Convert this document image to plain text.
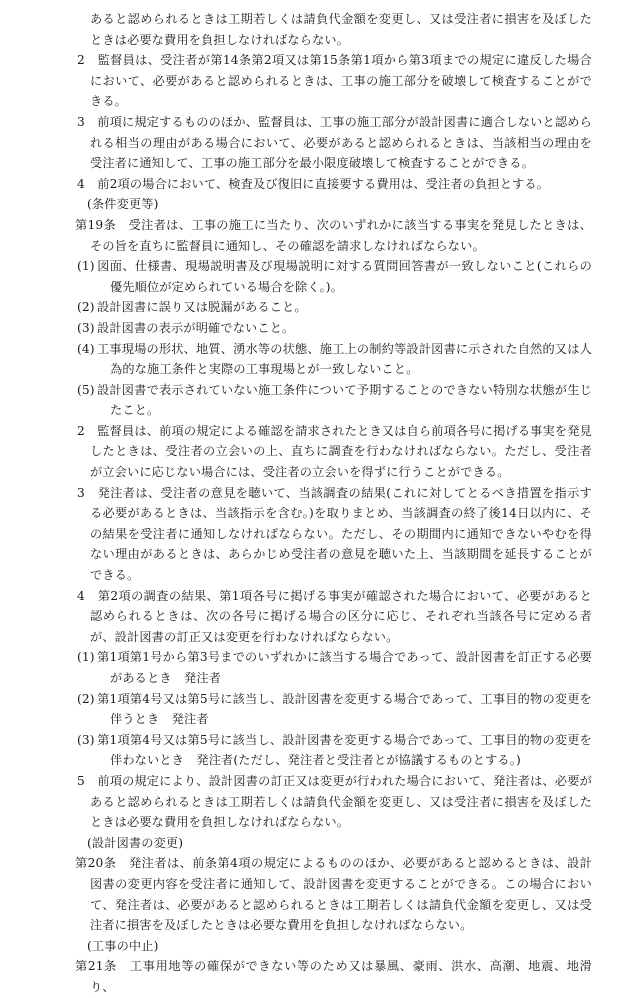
あると認められるときは工期若しくは請負代金額を変更し、又は受注者に損害を及ぼしたときは必要な費用を負担しなければならない。
2　監督員は、受注者が第14条第2項又は第15条第1項から第3項までの規定に違反した場合において、必要があると認められるときは、工事の施工部分を破壊して検査することができる。
3　前項に規定するもののほか、監督員は、工事の施工部分が設計図書に適合しないと認められる相当の理由がある場合において、必要があると認められるときは、当該相当の理由を受注者に通知して、工事の施工部分を最小限度破壊して検査することができる。
4　前2項の場合において、検査及び復旧に直接要する費用は、受注者の負担とする。
(条件変更等)
第19条　受注者は、工事の施工に当たり、次のいずれかに該当する事実を発見したときは、その旨を直ちに監督員に通知し、その確認を請求しなければならない。
(1) 図面、仕様書、現場説明書及び現場説明に対する質問回答書が一致しないこと(これらの優先順位が定められている場合を除く。)。
(2) 設計図書に誤り又は脱漏があること。
(3) 設計図書の表示が明確でないこと。
(4) 工事現場の形状、地質、湧水等の状態、施工上の制約等設計図書に示された自然的又は人為的な施工条件と実際の工事現場とが一致しないこと。
(5) 設計図書で表示されていない施工条件について予期することのできない特別な状態が生じたこと。
2　監督員は、前項の規定による確認を請求されたとき又は自ら前項各号に掲げる事実を発見したときは、受注者の立会いの上、直ちに調査を行わなければならない。ただし、受注者が立会いに応じない場合には、受注者の立会いを得ずに行うことができる。
3　発注者は、受注者の意見を聴いて、当該調査の結果(これに対してとるべき措置を指示する必要があるときは、当該指示を含む。)を取りまとめ、当該調査の終了後14日以内に、その結果を受注者に通知しなければならない。ただし、その期間内に通知できないやむを得ない理由があるときは、あらかじめ受注者の意見を聴いた上、当該期間を延長することができる。
4　第2項の調査の結果、第1項各号に掲げる事実が確認された場合において、必要があると認められるときは、次の各号に掲げる場合の区分に応じ、それぞれ当該各号に定める者が、設計図書の訂正又は変更を行わなければならない。
(1) 第1項第1号から第3号までのいずれかに該当する場合であって、設計図書を訂正する必要があるとき　発注者
(2) 第1項第4号又は第5号に該当し、設計図書を変更する場合であって、工事目的物の変更を伴うとき　発注者
(3) 第1項第4号又は第5号に該当し、設計図書を変更する場合であって、工事目的物の変更を伴わないとき　発注者(ただし、発注者と受注者とが協議するものとする。)
5　前項の規定により、設計図書の訂正又は変更が行われた場合において、発注者は、必要があると認められるときは工期若しくは請負代金額を変更し、又は受注者に損害を及ぼしたときは必要な費用を負担しなければならない。
(設計図書の変更)
第20条　発注者は、前条第4項の規定によるもののほか、必要があると認めるときは、設計図書の変更内容を受注者に通知して、設計図書を変更することができる。この場合において、発注者は、必要があると認められるときは工期若しくは請負代金額を変更し、又は受注者に損害を及ぼしたときは必要な費用を負担しなければならない。
(工事の中止)
第21条　工事用地等の確保ができない等のため又は暴風、豪雨、洪水、高潮、地震、地滑り、
